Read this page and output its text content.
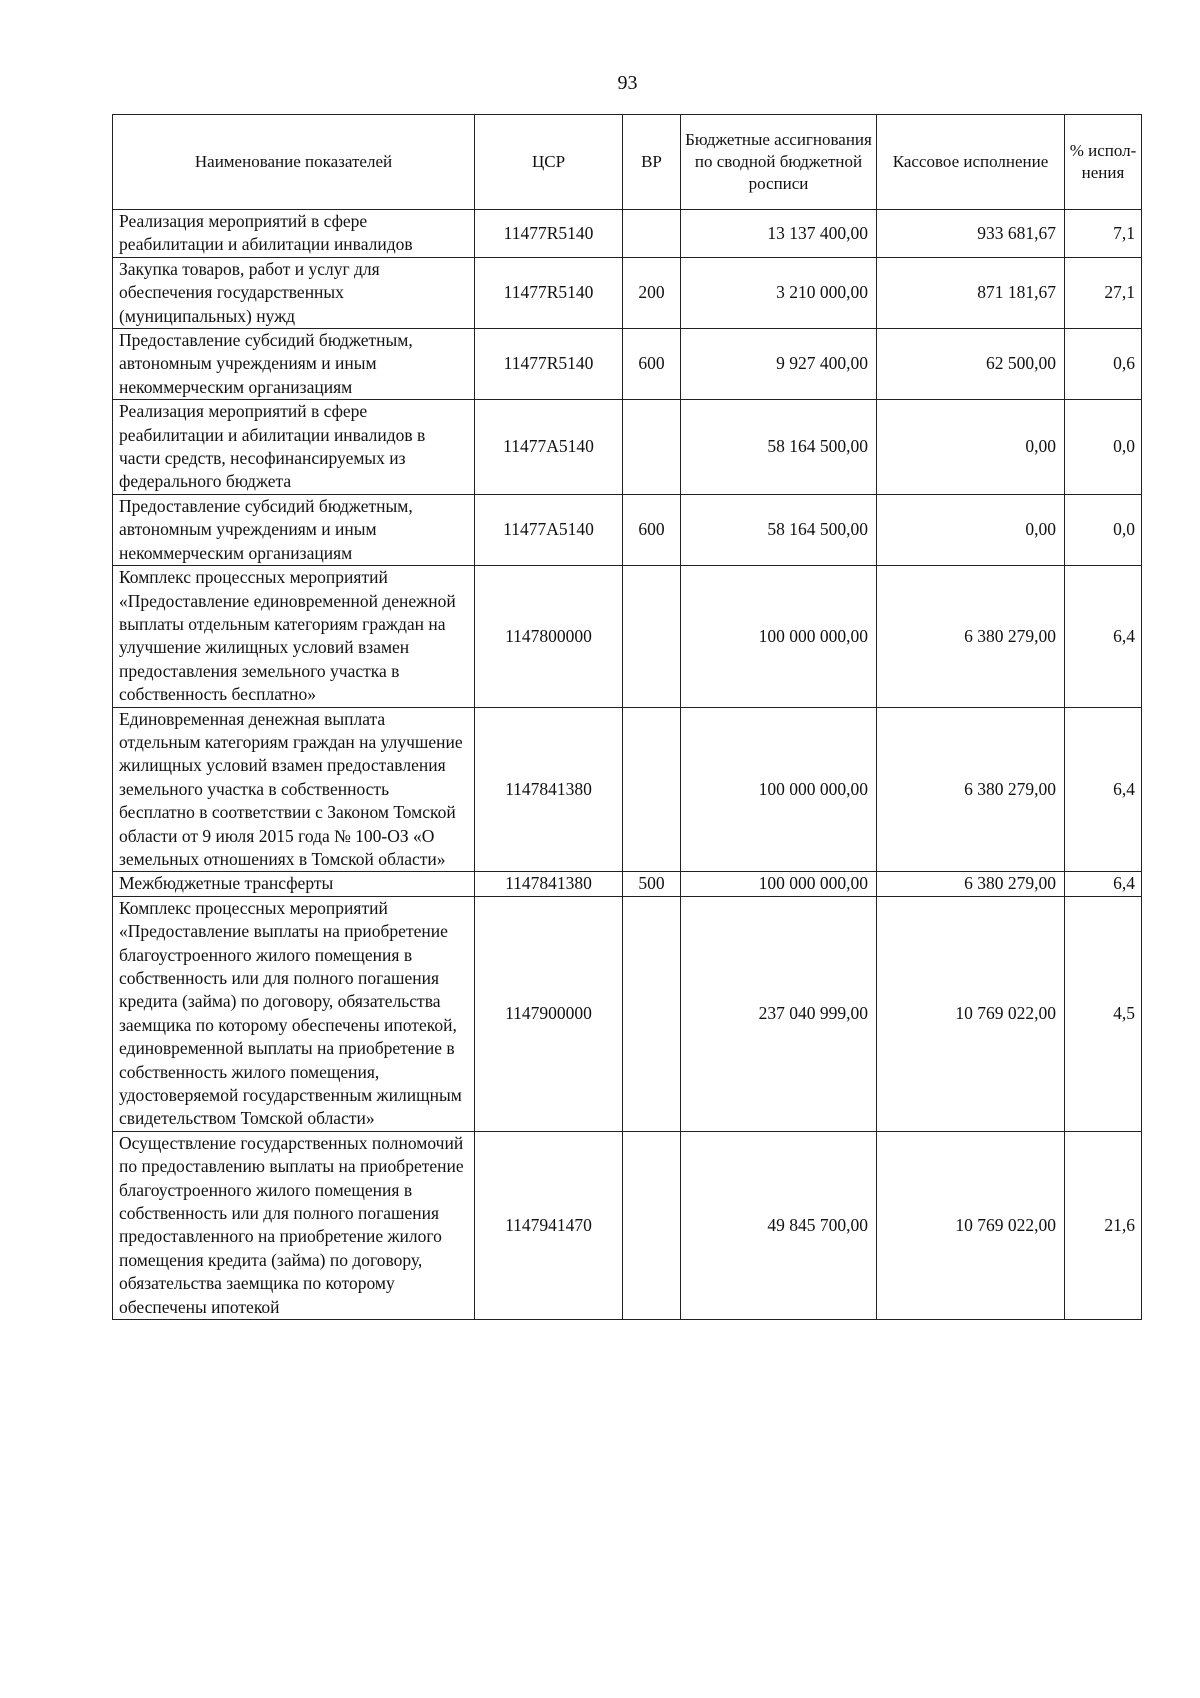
93
Наименование показателей	ЦСР	ВР	Бюджетные ассигнования по сводной бюджетной росписи	Кассовое исполнение	% испол-нения
Реализация мероприятий в сфере реабилитации и абилитации инвалидов	11477R5140		13 137 400,00	933 681,67	7,1
Закупка товаров, работ и услуг для обеспечения государственных (муниципальных) нужд	11477R5140	200	3 210 000,00	871 181,67	27,1
Предоставление субсидий бюджетным, автономным учреждениям и иным некоммерческим организациям	11477R5140	600	9 927 400,00	62 500,00	0,6
Реализация мероприятий в сфере реабилитации и абилитации инвалидов в части средств, несофинансируемых из федерального бюджета	11477A5140		58 164 500,00	0,00	0,0
Предоставление субсидий бюджетным, автономным учреждениям и иным некоммерческим организациям	11477A5140	600	58 164 500,00	0,00	0,0
Комплекс процессных мероприятий «Предоставление единовременной денежной выплаты отдельным категориям граждан на улучшение жилищных условий взамен предоставления земельного участка в собственность бесплатно»	1147800000		100 000 000,00	6 380 279,00	6,4
Единовременная денежная выплата отдельным категориям граждан на улучшение жилищных условий взамен предоставления земельного участка в собственность бесплатно в соответствии с Законом Томской области от 9 июля 2015 года № 100-ОЗ «О земельных отношениях в Томской области»	1147841380		100 000 000,00	6 380 279,00	6,4
Межбюджетные трансферты	1147841380	500	100 000 000,00	6 380 279,00	6,4
Комплекс процессных мероприятий «Предоставление выплаты на приобретение благоустроенного жилого помещения в собственность или для полного погашения кредита (займа) по договору, обязательства заемщика по которому обеспечены ипотекой, единовременной выплаты на приобретение в собственность жилого помещения, удостоверяемой государственным жилищным свидетельством Томской области»	1147900000		237 040 999,00	10 769 022,00	4,5
Осуществление государственных полномочий по предоставлению выплаты на приобретение благоустроенного жилого помещения в собственность или для полного погашения предоставленного на приобретение жилого помещения кредита (займа) по договору, обязательства заемщика по которому обеспечены ипотекой	1147941470		49 845 700,00	10 769 022,00	21,6
